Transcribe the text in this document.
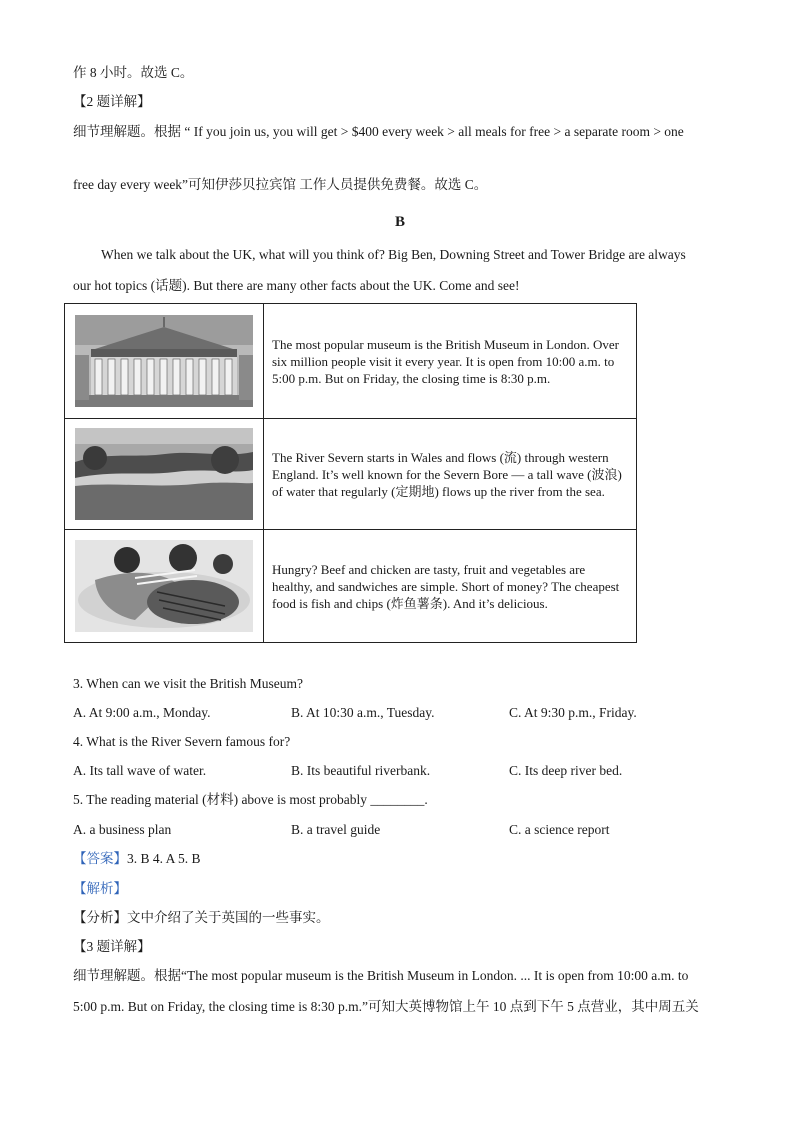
作 8 小时。故选 C。
【2 题详解】
细节理解题。根据 “ If you join us, you will get > $400 every week > all meals for free > a separate room > one
free day every week”可知伊莎贝拉宾馆 工作人员提供免费餐。故选 C。
B
When we talk about the UK, what will you think of? Big Ben, Downing Street and Tower Bridge are always
our hot topics (话题). But there are many other facts about the UK. Come and see!
	The most popular museum is the British Museum in London. Over six million people visit it every year. It is open from 10:00 a.m. to 5:00 p.m. But on Friday, the closing time is 8:30 p.m.

	The River Severn starts in Wales and flows (流) through western England. It’s well known for the Severn Bore — a tall wave (波浪) of water that regularly (定期地) flows up the river from the sea.

	Hungry? Beef and chicken are tasty, fruit and vegetables are healthy, and sandwiches are simple. Short of money? The cheapest food is fish and chips (炸鱼薯条). And it’s delicious.
3. When can we visit the British Museum?
A. At 9:00 a.m., Monday.	B. At 10:30 a.m., Tuesday.	C. At 9:30 p.m., Friday.
4. What is the River Severn famous for?
A. Its tall wave of water.	B. Its beautiful riverbank.	C. Its deep river bed.
5. The reading material (材料) above is most probably ________.
A. a business plan	B. a travel guide	C. a science report
【答案】3. B 4. A 5. B
【解析】
【分析】文中介绍了关于英国的一些事实。
【3 题详解】
细节理解题。根据“The most popular museum is the British Museum in London. ... It is open from 10:00 a.m. to
5:00 p.m. But on Friday, the closing time is 8:30 p.m.”可知大英博物馆上午 10 点到下午 5 点营业，其中周五关
